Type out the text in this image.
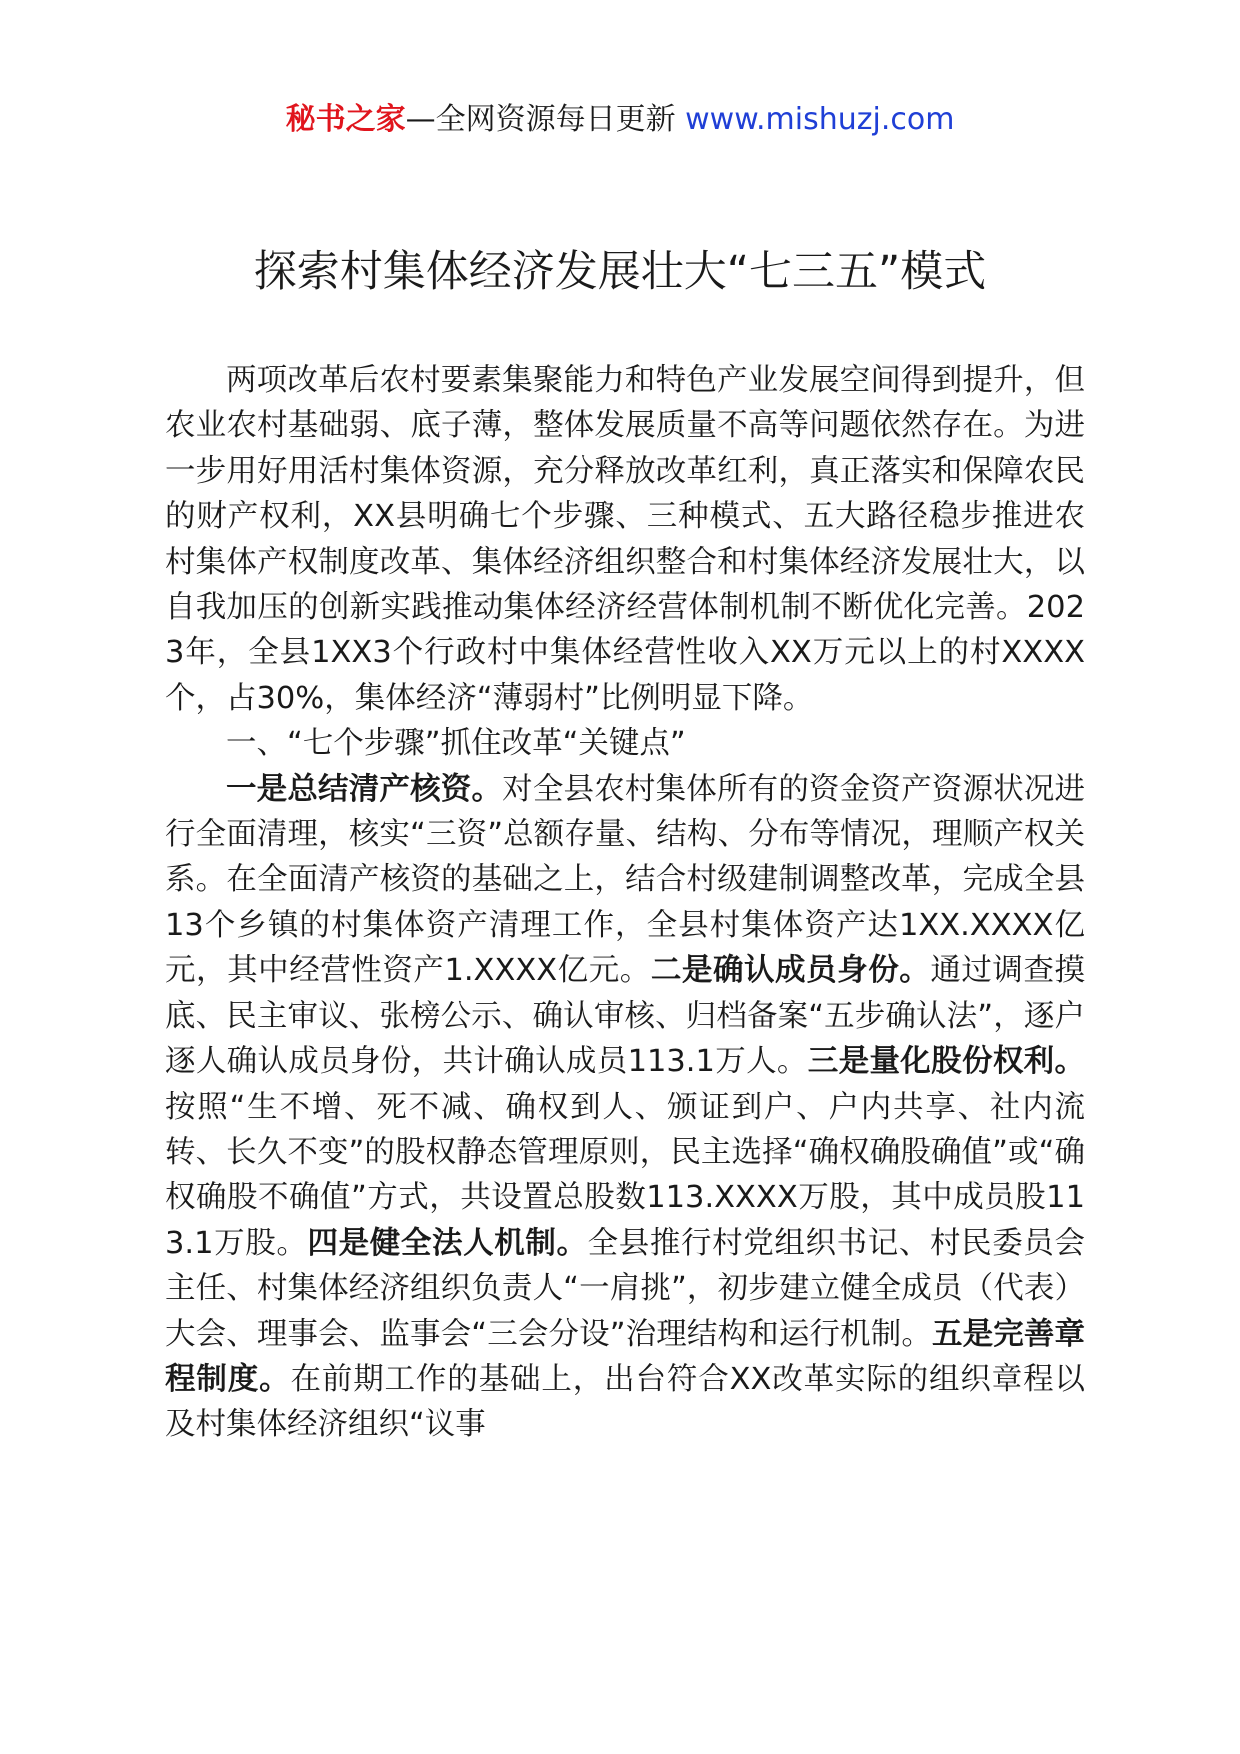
秘书之家—全网资源每日更新 www.mishuzj.com
探索村集体经济发展壮大“七三五”模式

两项改革后农村要素集聚能力和特色产业发展空间得到提升，但农业农村基础弱、底子薄，整体发展质量不高等问题依然存在。为进一步用好用活村集体资源，充分释放改革红利，真正落实和保障农民的财产权利，XX县明确七个步骤、三种模式、五大路径稳步推进农村集体产权制度改革、集体经济组织整合和村集体经济发展壮大，以自我加压的创新实践推动集体经济经营体制机制不断优化完善。2023年，全县1XX3个行政村中集体经营性收入XX万元以上的村XXXX个，占30%，集体经济“薄弱村”比例明显下降。

一、“七个步骤”抓住改革“关键点”

一是总结清产核资。对全县农村集体所有的资金资产资源状况进行全面清理，核实“三资”总额存量、结构、分布等情况，理顺产权关系。在全面清产核资的基础之上，结合村级建制调整改革，完成全县13个乡镇的村集体资产清理工作，全县村集体资产达1XX.XXXX亿元，其中经营性资产1.XXXX亿元。二是确认成员身份。通过调查摸底、民主审议、张榜公示、确认审核、归档备案“五步确认法”，逐户逐人确认成员身份，共计确认成员113.1万人。三是量化股份权利。按照“生不增、死不减、确权到人、颁证到户、户内共享、社内流转、长久不变”的股权静态管理原则，民主选择“确权确股确值”或“确权确股不确值”方式，共设置总股数113.XXXX万股，其中成员股113.1万股。四是健全法人机制。全县推行村党组织书记、村民委员会主任、村集体经济组织负责人“一肩挑”，初步建立健全成员（代表）大会、理事会、监事会“三会分设”治理结构和运行机制。五是完善章程制度。在前期工作的基础上，出台符合XX改革实际的组织章程以及村集体经济组织“议事
